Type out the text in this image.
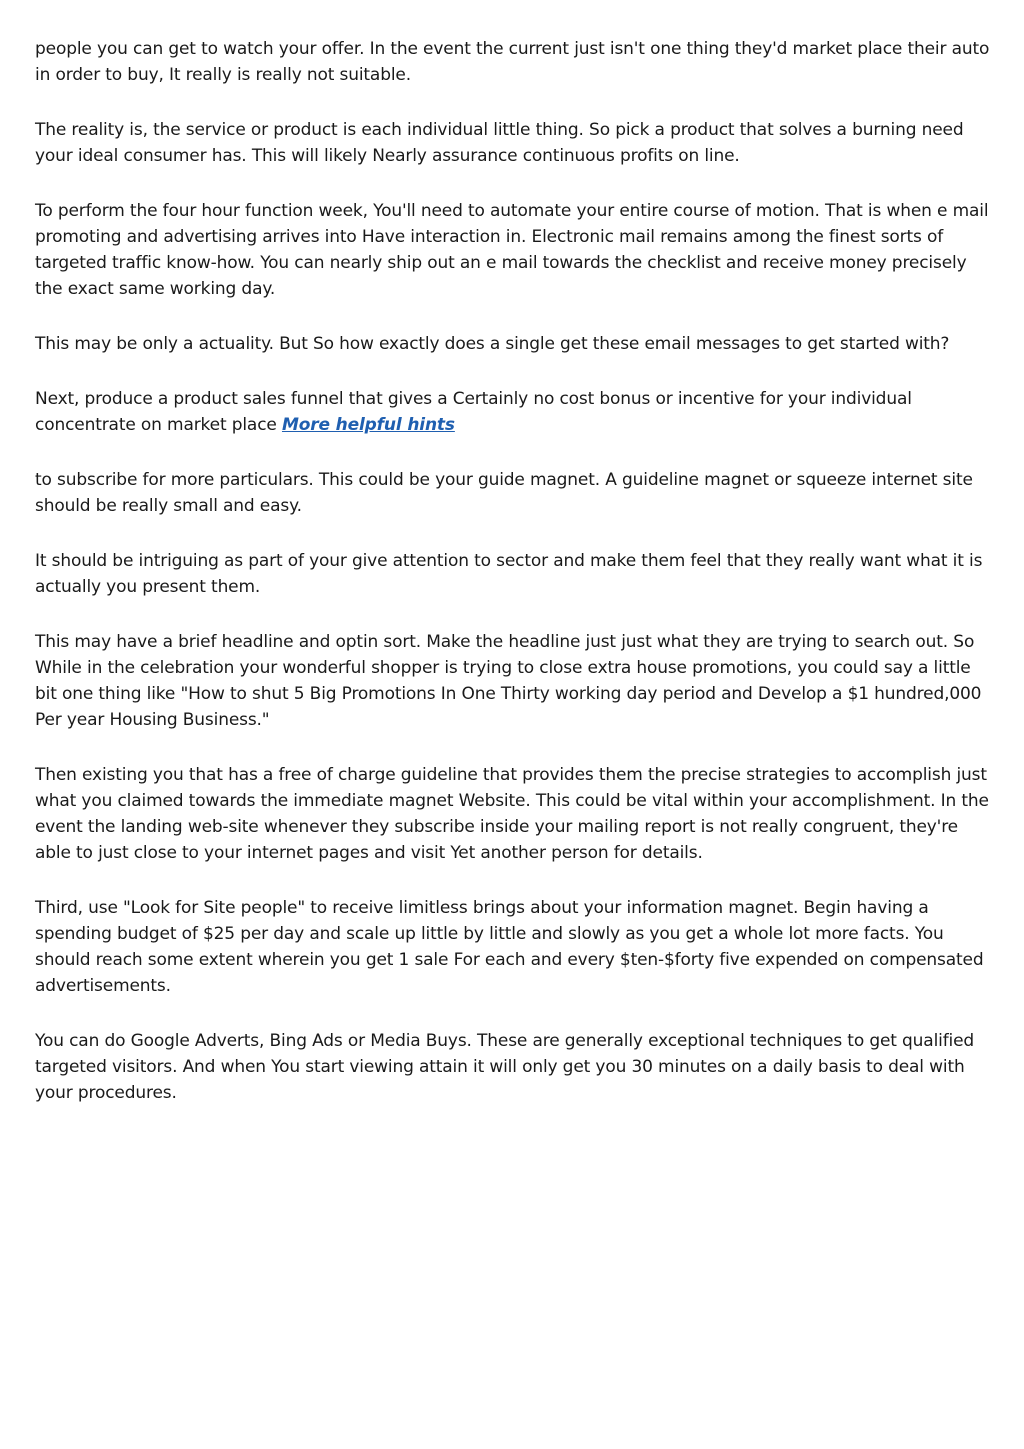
people you can get to watch your offer. In the event the current just isn't one thing they'd market place their auto in order to buy, It really is really not suitable.

The reality is, the service or product is each individual little thing. So pick a product that solves a burning need your ideal consumer has. This will likely Nearly assurance continuous profits on line.

To perform the four hour function week, You'll need to automate your entire course of motion. That is when e mail promoting and advertising arrives into Have interaction in. Electronic mail remains among the finest sorts of targeted traffic know-how. You can nearly ship out an e mail towards the checklist and receive money precisely the exact same working day.

This may be only a actuality. But So how exactly does a single get these email messages to get started with?

Next, produce a product sales funnel that gives a Certainly no cost bonus or incentive for your individual concentrate on market place More helpful hints

to subscribe for more particulars. This could be your guide magnet. A guideline magnet or squeeze internet site should be really small and easy.

It should be intriguing as part of your give attention to sector and make them feel that they really want what it is actually you present them.

This may have a brief headline and optin sort. Make the headline just just what they are trying to search out. So While in the celebration your wonderful shopper is trying to close extra house promotions, you could say a little bit one thing like "How to shut 5 Big Promotions In One Thirty working day period and Develop a $1 hundred,000 Per year Housing Business."

Then existing you that has a free of charge guideline that provides them the precise strategies to accomplish just what you claimed towards the immediate magnet Website. This could be vital within your accomplishment. In the event the landing web-site whenever they subscribe inside your mailing report is not really congruent, they're able to just close to your internet pages and visit Yet another person for details.

Third, use "Look for Site people" to receive limitless brings about your information magnet. Begin having a spending budget of $25 per day and scale up little by little and slowly as you get a whole lot more facts. You should reach some extent wherein you get 1 sale For each and every $ten-$forty five expended on compensated advertisements.

You can do Google Adverts, Bing Ads or Media Buys. These are generally exceptional techniques to get qualified targeted visitors. And when You start viewing attain it will only get you 30 minutes on a daily basis to deal with your procedures.
